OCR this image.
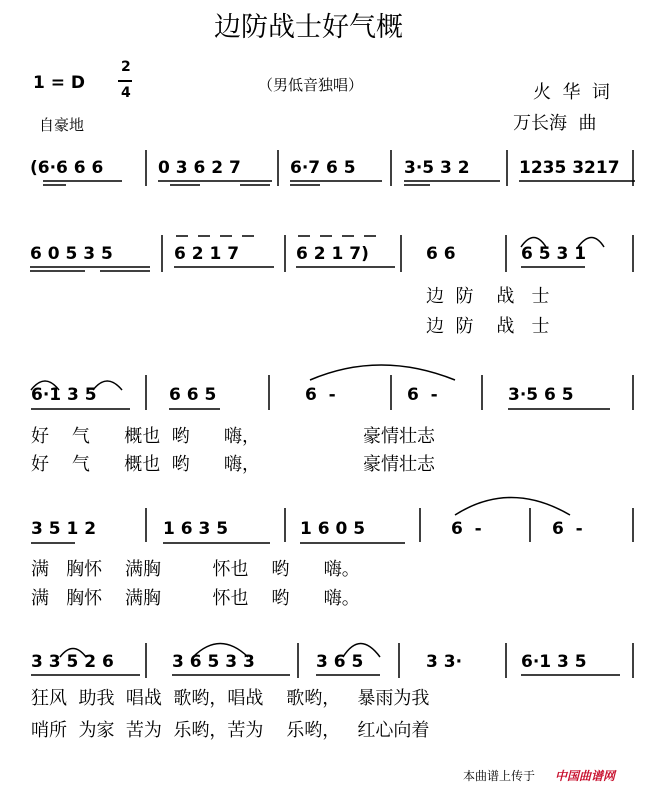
边防战士好气概
1 = D
2
4	（男低音独唱）	火  华  词
万长海  曲
自豪地
(6·6 6 6	0 3 6 2 7	6·7 6 5	3·5 3 2	1235 3217
6 0 5 3 5	6 2 1 7	6 2 1 7)	6 6	6 5 3 1
边  防    战   士
边  防    战   士
6·1 3 5	6 6 5	6  -	6  -	3·5 6 5
好    气      概也  哟      嗨，                  豪情壮志
好    气      概也  哟      嗨，                  豪情壮志
3 5 1 2	1 6 3 5	1 6 0 5	6  -	6  -
满   胸怀    满胸         怀也    哟      嗨。
满   胸怀    满胸         怀也    哟      嗨。
3 3 5 2 6	3 6 5 3 3	3 6 5	3 3·	6·1 3 5
狂风  助我  唱战  歌哟，唱战    歌哟，   暴雨为我
哨所  为家  苦为  乐哟，苦为    乐哟，   红心向着
本曲谱上传于 中国曲谱网
